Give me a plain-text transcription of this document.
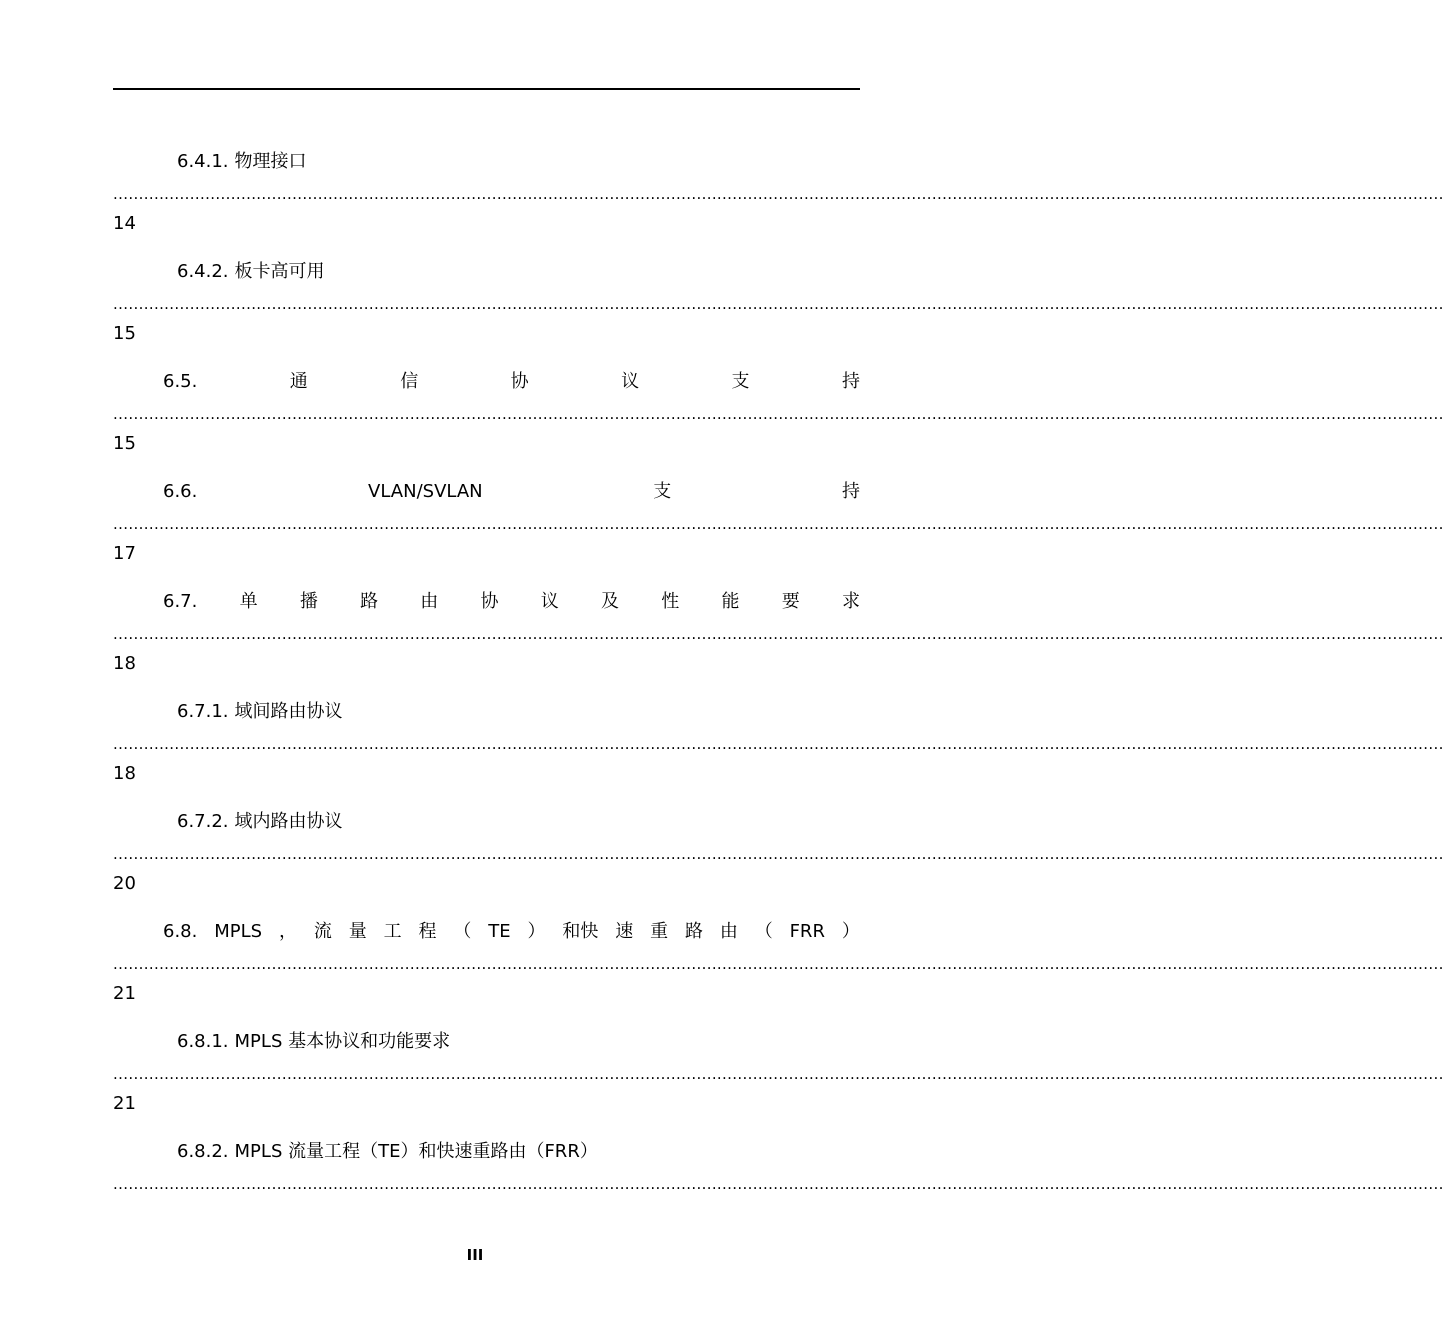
6.4.1. 物理接口
....................................................................................................................................................................................................................................................................
14
6.4.2. 板卡高可用
....................................................................................................................................................................................................................................................................
15
6.5.	通	信	协	议	支	持
....................................................................................................................................................................................................................................................................
15
6.6.	VLAN/SVLAN	支	持
....................................................................................................................................................................................................................................................................
17
6.7. 单 播 路 由 协 议 及 性 能 要 求
....................................................................................................................................................................................................................................................................
18
6.7.1. 域间路由协议
....................................................................................................................................................................................................................................................................
18
6.7.2. 域内路由协议
....................................................................................................................................................................................................................................................................
20
6.8. MPLS ， 流 量 工 程 （ TE ） 和快 速 重 路 由 （ FRR ）
....................................................................................................................................................................................................................................................................
21
6.8.1. MPLS 基本协议和功能要求
....................................................................................................................................................................................................................................................................
21
6.8.2. MPLS 流量工程（TE）和快速重路由（FRR）
....................................................................................................................................................................................................................................................................
III
